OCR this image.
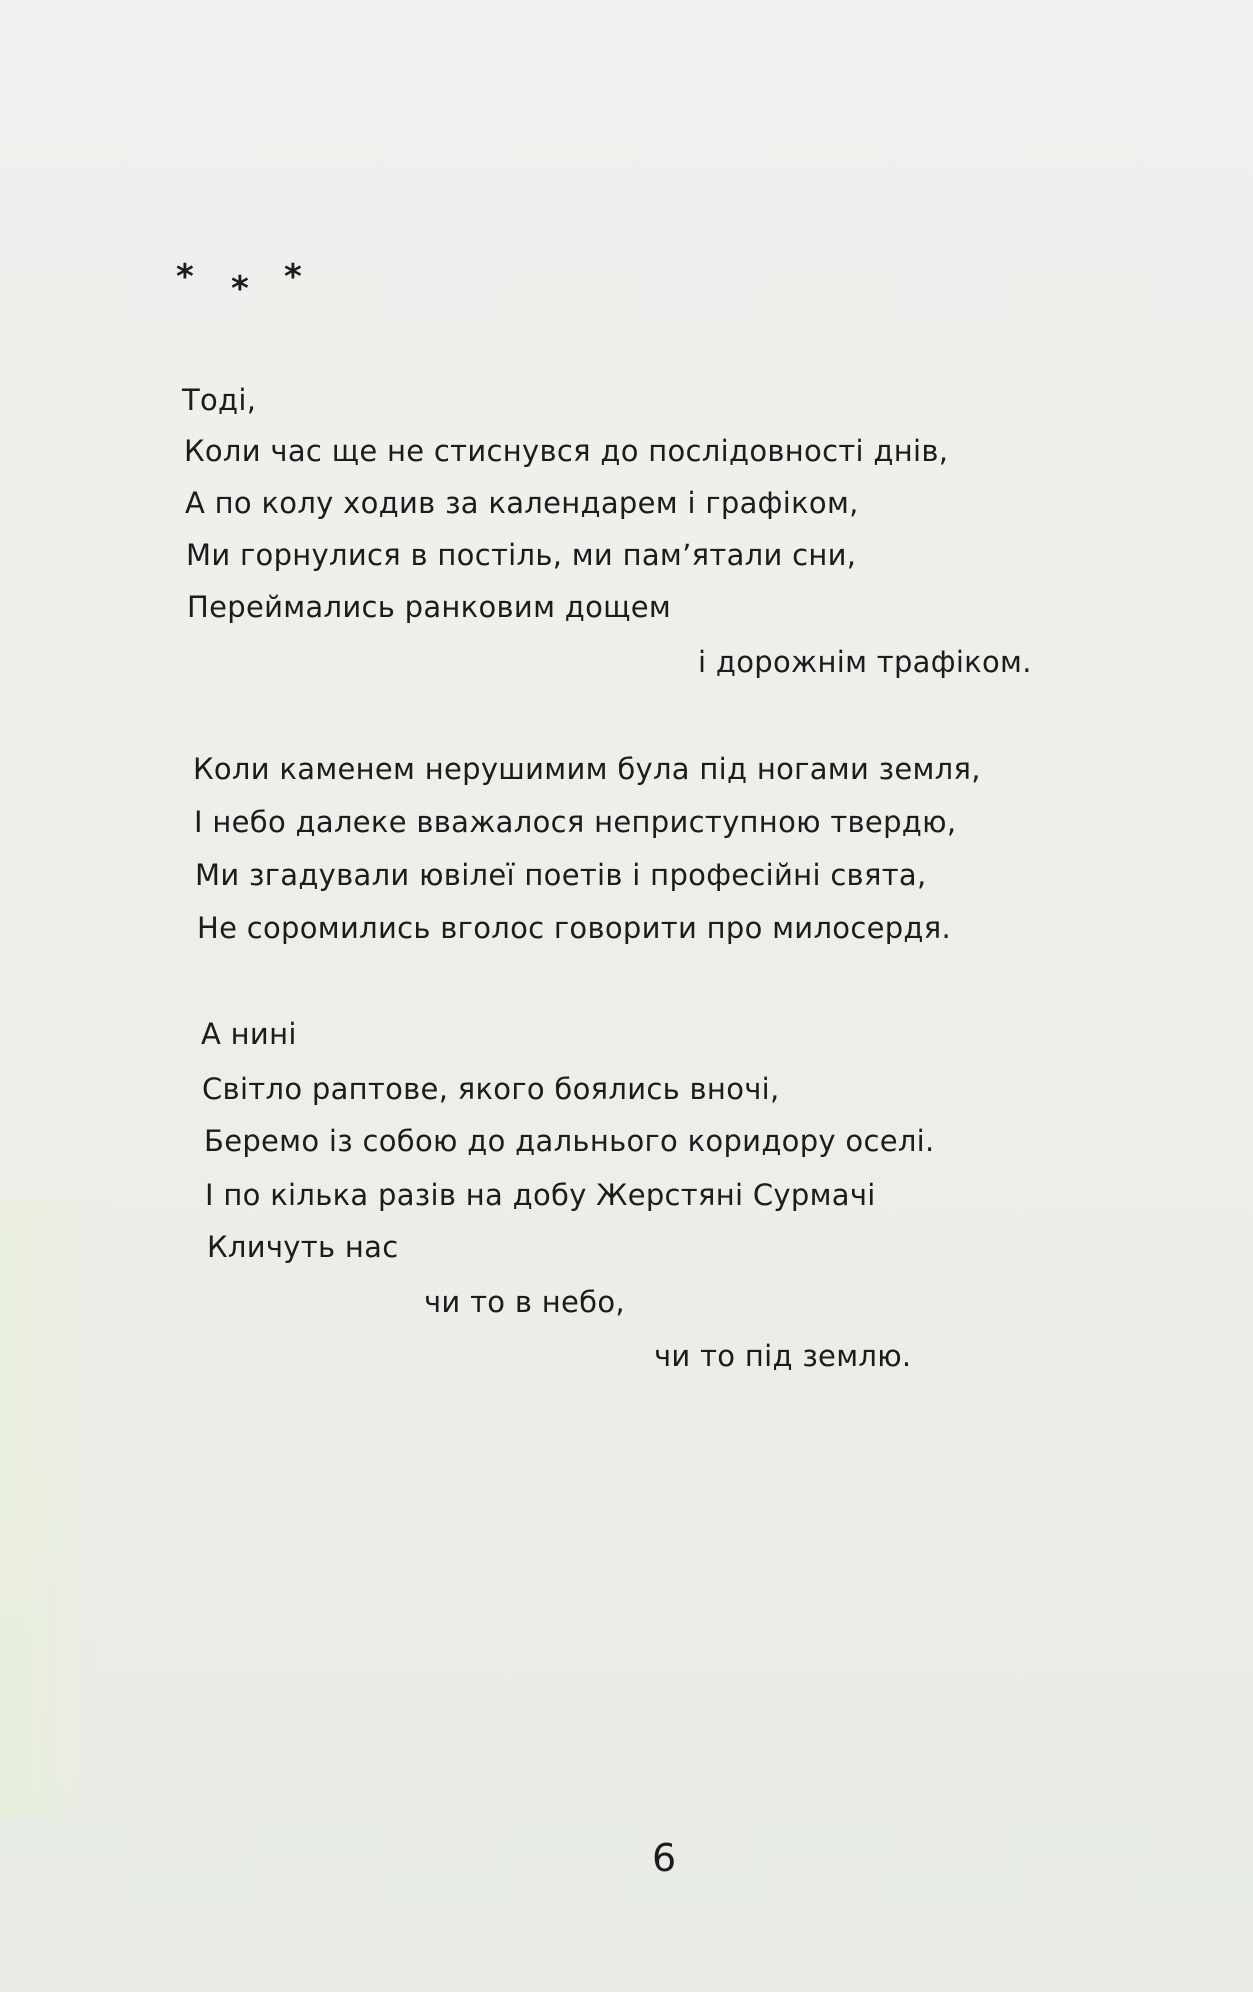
* * *
Тоді,
Коли час ще не стиснувся до послідовності днів,
А по колу ходив за календарем і графіком,
Ми горнулися в постіль, ми пам’ятали сни,
Переймались ранковим дощем
і дорожнім трафіком.
Коли каменем нерушимим була під ногами земля,
І небо далеке вважалося неприступною твердю,
Ми згадували ювілеї поетів і професійні свята,
Не соромились вголос говорити про милосердя.
А нині
Світло раптове, якого боялись вночі,
Беремо із собою до дальнього коридору оселі.
І по кілька разів на добу Жерстяні Сурмачі
Кличуть нас
чи то в небо,
чи то під землю.
6
